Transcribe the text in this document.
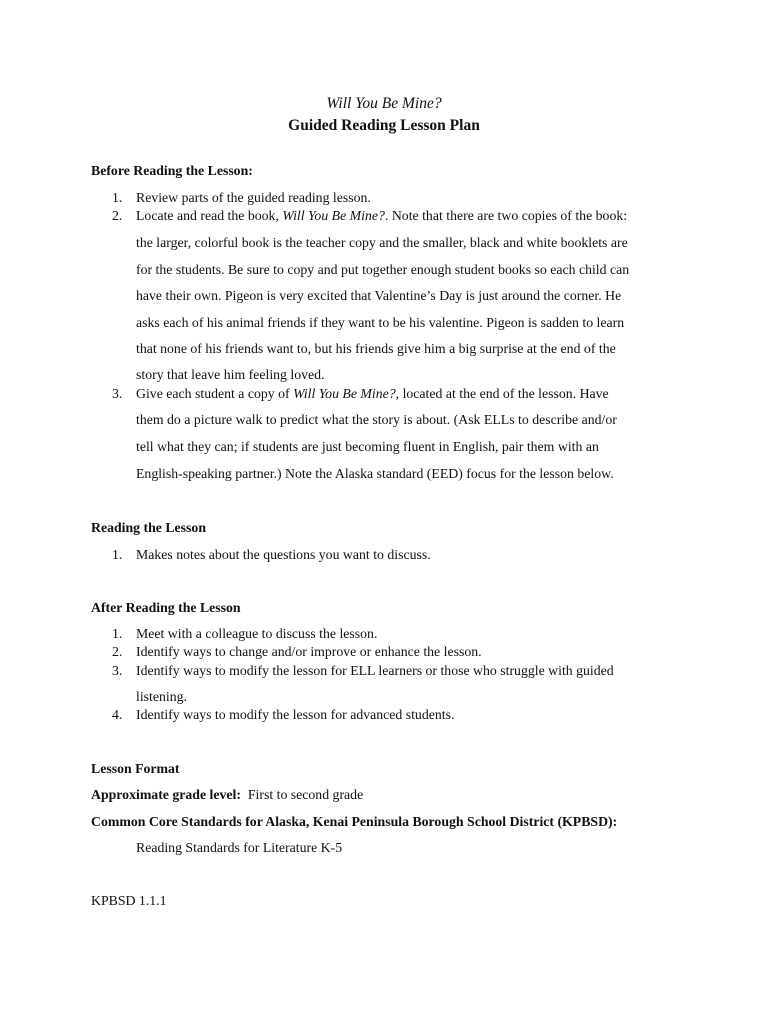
Will You Be Mine?
Guided Reading Lesson Plan
Before Reading the Lesson:
1. Review parts of the guided reading lesson.
2. Locate and read the book, Will You Be Mine?. Note that there are two copies of the book:
the larger, colorful book is the teacher copy and the smaller, black and white booklets are
for the students. Be sure to copy and put together enough student books so each child can
have their own. Pigeon is very excited that Valentine’s Day is just around the corner. He
asks each of his animal friends if they want to be his valentine. Pigeon is sadden to learn
that none of his friends want to, but his friends give him a big surprise at the end of the
story that leave him feeling loved.
3. Give each student a copy of Will You Be Mine?, located at the end of the lesson. Have
them do a picture walk to predict what the story is about. (Ask ELLs to describe and/or
tell what they can; if students are just becoming fluent in English, pair them with an
English-speaking partner.) Note the Alaska standard (EED) focus for the lesson below.
Reading the Lesson
1. Makes notes about the questions you want to discuss.
After Reading the Lesson
1. Meet with a colleague to discuss the lesson.
2. Identify ways to change and/or improve or enhance the lesson.
3. Identify ways to modify the lesson for ELL learners or those who struggle with guided
listening.
4. Identify ways to modify the lesson for advanced students.
Lesson Format
Approximate grade level: First to second grade
Common Core Standards for Alaska, Kenai Peninsula Borough School District (KPBSD):
Reading Standards for Literature K-5
KPBSD 1.1.1
